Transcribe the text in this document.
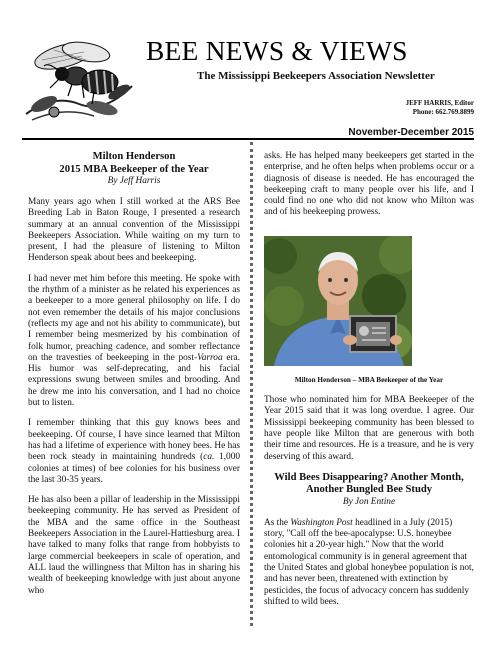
BEE NEWS & VIEWS
The Mississippi Beekeepers Association Newsletter
JEFF HARRIS, Editor
Phone: 662.769.8899
November-December 2015
Milton Henderson
2015 MBA Beekeeper of the Year
By Jeff Harris

Many years ago when I still worked at the ARS Bee Breeding Lab in Baton Rouge, I presented a research summary at an annual convention of the Mississippi Beekeepers Association. While waiting on my turn to present, I had the pleasure of listening to Milton Henderson speak about bees and beekeeping.

I had never met him before this meeting. He spoke with the rhythm of a minister as he related his experiences as a beekeeper to a more general philosophy on life. I do not even remember the details of his major conclusions (reflects my age and not his ability to communicate), but I remember being mesmerized by his combination of folk humor, preaching cadence, and somber reflectance on the travesties of beekeeping in the post-Varroa era. His humor was self-deprecating, and his facial expressions swung between smiles and brooding. And he drew me into his conversation, and I had no choice but to listen.

I remember thinking that this guy knows bees and beekeeping. Of course, I have since learned that Milton has had a lifetime of experience with honey bees. He has been rock steady in maintaining hundreds (ca. 1,000 colonies at times) of bee colonies for his business over the last 30-35 years.

He has also been a pillar of leadership in the Mississippi beekeeping community. He has served as President of the MBA and the same office in the Southeast Beekeepers Association in the Laurel-Hattiesburg area. I have talked to many folks that range from hobbyists to large commercial beekeepers in scale of operation, and ALL laud the willingness that Milton has in sharing his wealth of beekeeping knowledge with just about anyone who

asks. He has helped many beekeepers get started in the enterprise, and he often helps when problems occur or a diagnosis of disease is needed. He has encouraged the beekeeping craft to many people over his life, and I could find no one who did not know who Milton was and of his beekeeping prowess.

Milton Henderson – MBA Beekeeper of the Year

Those who nominated him for MBA Beekeeper of the Year 2015 said that it was long overdue. I agree. Our Mississippi beekeeping community has been blessed to have people like Milton that are generous with both their time and resources. He is a treasure, and he is very deserving of this award.

Wild Bees Disappearing? Another Month,
Another Bungled Bee Study
By Jon Entine

As the Washington Post headlined in a July (2015) story, "Call off the bee-apocalypse: U.S. honeybee colonies hit a 20-year high." Now that the world entomological community is in general agreement that the United States and global honeybee population is not, and has never been, threatened with extinction by pesticides, the focus of advocacy concern has suddenly shifted to wild bees.
